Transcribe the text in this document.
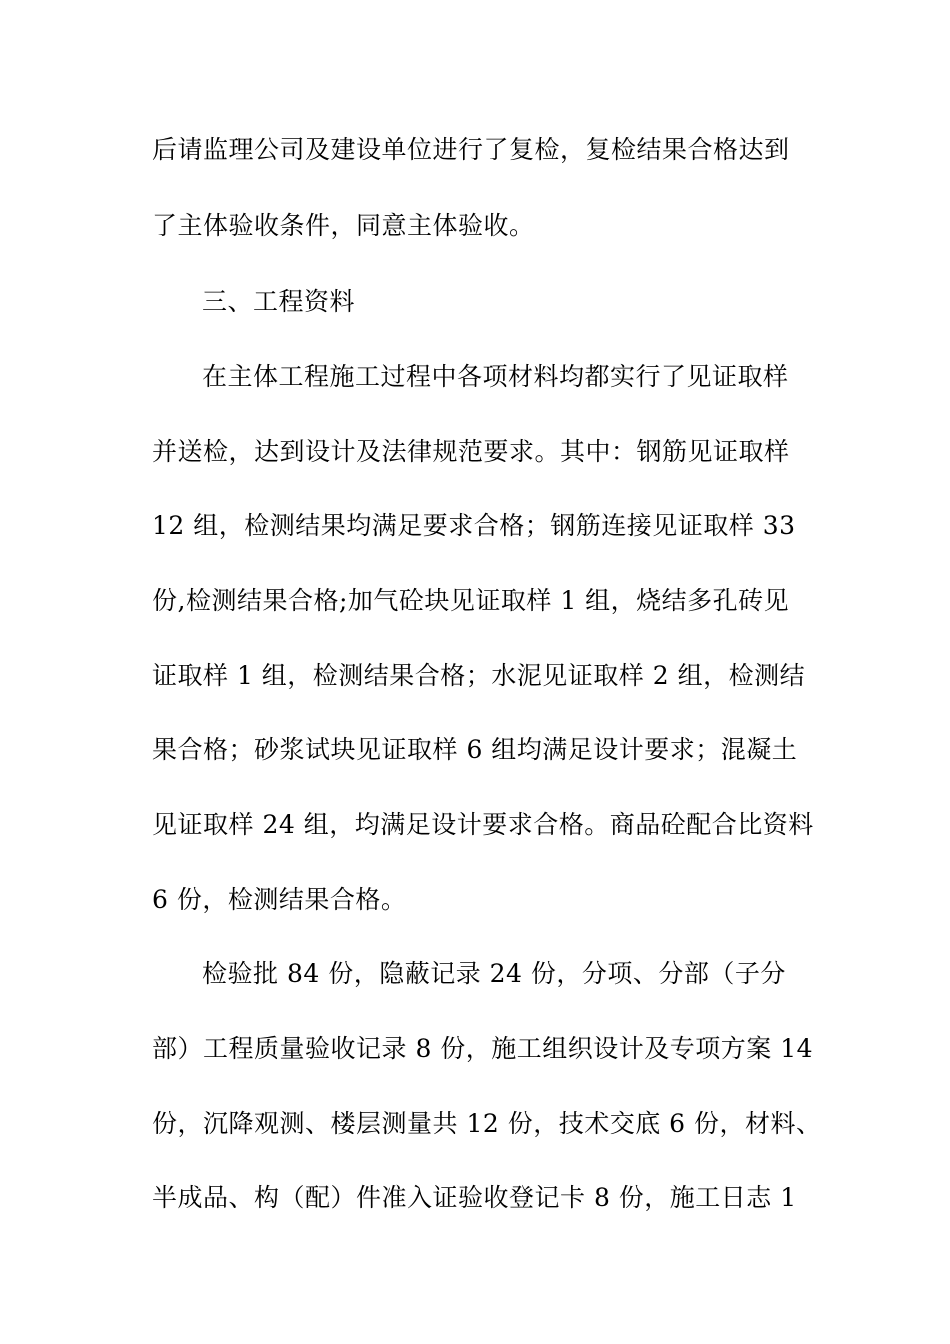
后请监理公司及建设单位进行了复检，复检结果合格达到
了主体验收条件，同意主体验收。
三、工程资料
在主体工程施工过程中各项材料均都实行了见证取样
并送检，达到设计及法律规范要求。其中：钢筋见证取样
12 组，检测结果均满足要求合格；钢筋连接见证取样 33
份,检测结果合格;加气砼块见证取样 1 组，烧结多孔砖见
证取样 1 组，检测结果合格；水泥见证取样 2 组，检测结
果合格；砂浆试块见证取样 6 组均满足设计要求；混凝土
见证取样 24 组，均满足设计要求合格。商品砼配合比资料
6 份，检测结果合格。
检验批 84 份，隐蔽记录 24 份，分项、分部（子分
部）工程质量验收记录 8 份，施工组织设计及专项方案 14
份，沉降观测、楼层测量共 12 份，技术交底 6 份，材料、
半成品、构（配）件准入证验收登记卡 8 份，施工日志 1
